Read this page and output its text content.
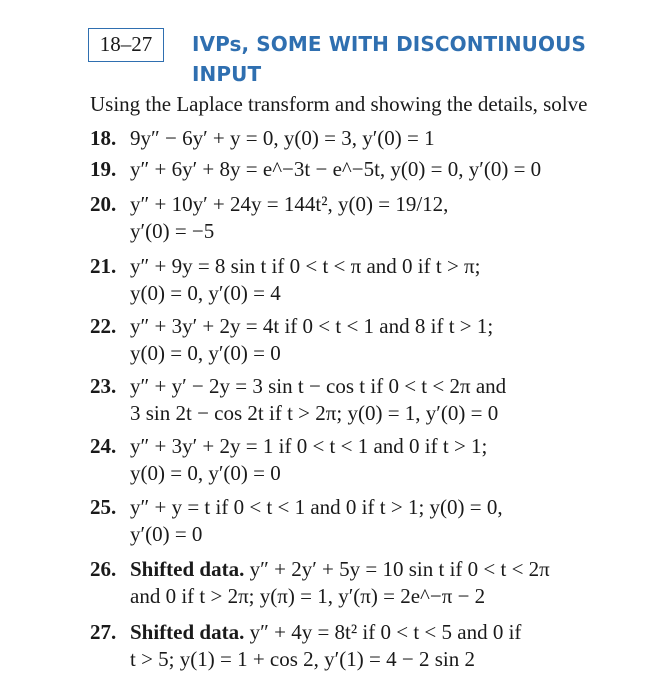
18–27	IVPs, SOME WITH DISCONTINUOUS
INPUT
Using the Laplace transform and showing the details, solve
18. 9y″ − 6y′ + y = 0, y(0) = 3, y′(0) = 1
19. y″ + 6y′ + 8y = e^−3t − e^−5t, y(0) = 0, y′(0) = 0
20. y″ + 10y′ + 24y = 144t², y(0) = 19/12,
y′(0) = −5
21. y″ + 9y = 8 sin t if 0 < t < π and 0 if t > π;
y(0) = 0, y′(0) = 4
22. y″ + 3y′ + 2y = 4t if 0 < t < 1 and 8 if t > 1;
y(0) = 0, y′(0) = 0
23. y″ + y′ − 2y = 3 sin t − cos t if 0 < t < 2π and
3 sin 2t − cos 2t if t > 2π; y(0) = 1, y′(0) = 0
24. y″ + 3y′ + 2y = 1 if 0 < t < 1 and 0 if t > 1;
y(0) = 0, y′(0) = 0
25. y″ + y = t if 0 < t < 1 and 0 if t > 1; y(0) = 0,
y′(0) = 0
26. Shifted data. y″ + 2y′ + 5y = 10 sin t if 0 < t < 2π
and 0 if t > 2π; y(π) = 1, y′(π) = 2e^−π − 2
27. Shifted data. y″ + 4y = 8t² if 0 < t < 5 and 0 if
t > 5; y(1) = 1 + cos 2, y′(1) = 4 − 2 sin 2
